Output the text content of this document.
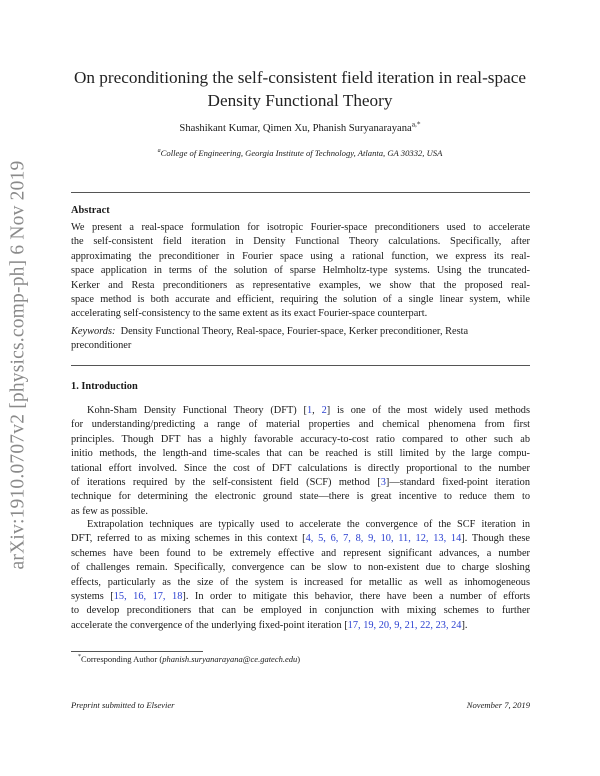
arXiv:1910.0707v2 [physics.comp-ph] 6 Nov 2019
On preconditioning the self-consistent field iteration in real-space
Density Functional Theory
Shashikant Kumar, Qimen Xu, Phanish Suryanarayana$^{a,*}$
$^a$College of Engineering, Georgia Institute of Technology, Atlanta, GA 30332, USA
Abstract
We present a real-space formulation for isotropic Fourier-space preconditioners used to accelerate
the self-consistent field iteration in Density Functional Theory calculations. Specifically, after
approximating the preconditioner in Fourier space using a rational function, we express its real-
space application in terms of the solution of sparse Helmholtz-type systems. Using the truncated-
Kerker and Resta preconditioners as representative examples, we show that the proposed real-
space method is both accurate and efficient, requiring the solution of a single linear system, while
accelerating self-consistency to the same extent as its exact Fourier-space counterpart.
Keywords: Density Functional Theory, Real-space, Fourier-space, Kerker preconditioner, Resta
preconditioner
1. Introduction
Kohn-Sham Density Functional Theory (DFT) [1, 2] is one of the most widely used methods
for understanding/predicting a range of material properties and chemical phenomena from first
principles. Though DFT has a highly favorable accuracy-to-cost ratio compared to other such ab
initio methods, the length-and time-scales that can be reached is still limited by the large compu-
tational effort involved. Since the cost of DFT calculations is directly proportional to the number
of iterations required by the self-consistent field (SCF) method [3]—standard fixed-point iteration
technique for determining the electronic ground state—there is great incentive to reduce them to
as few as possible.
Extrapolation techniques are typically used to accelerate the convergence of the SCF iteration in
DFT, referred to as mixing schemes in this context [4, 5, 6, 7, 8, 9, 10, 11, 12, 13, 14]. Though these
schemes have been found to be extremely effective and represent significant advances, a number
of challenges remain. Specifically, convergence can be slow to non-existent due to charge sloshing
effects, particularly as the size of the system is increased for metallic as well as inhomogeneous
systems [15, 16, 17, 18]. In order to mitigate this behavior, there have been a number of efforts
to develop preconditioners that can be employed in conjunction with mixing schemes to further
accelerate the convergence of the underlying fixed-point iteration [17, 19, 20, 9, 21, 22, 23, 24].
*Corresponding Author (phanish.suryanarayana@ce.gatech.edu)
Preprint submitted to Elsevier	November 7, 2019
